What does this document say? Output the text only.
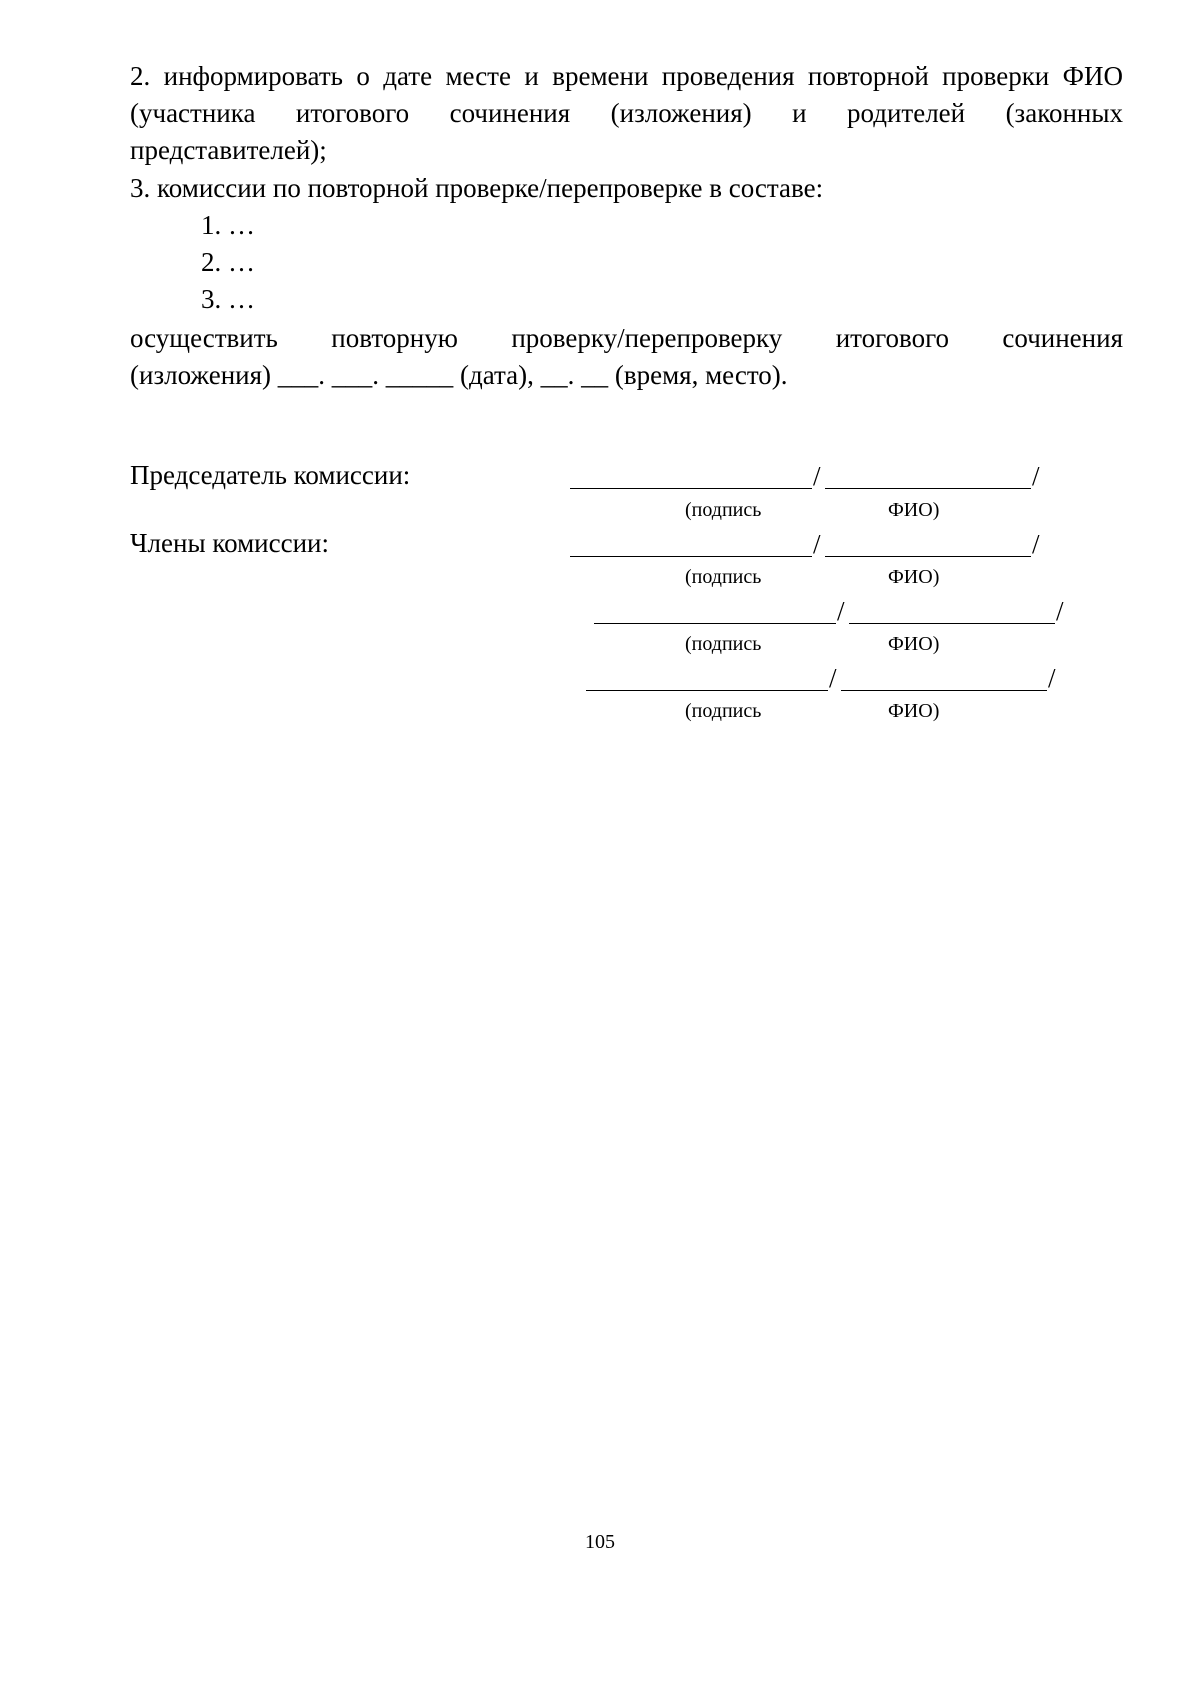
2. информировать о дате месте и времени проведения повторной проверки ФИО
(участника итогового сочинения (изложения) и родителей (законных
представителей);
3. комиссии по повторной проверке/перепроверке в составе:
1. …
2. …
3. …
осуществить повторную проверку/перепроверку итогового сочинения
(изложения) ___. ___. _____ (дата), __. __ (время, место).
Председатель комиссии:	/	/
(подпись	ФИО)
Члены комиссии:	/	/
(подпись	ФИО)
/	/
(подпись	ФИО)
/	/
(подпись	ФИО)
105
